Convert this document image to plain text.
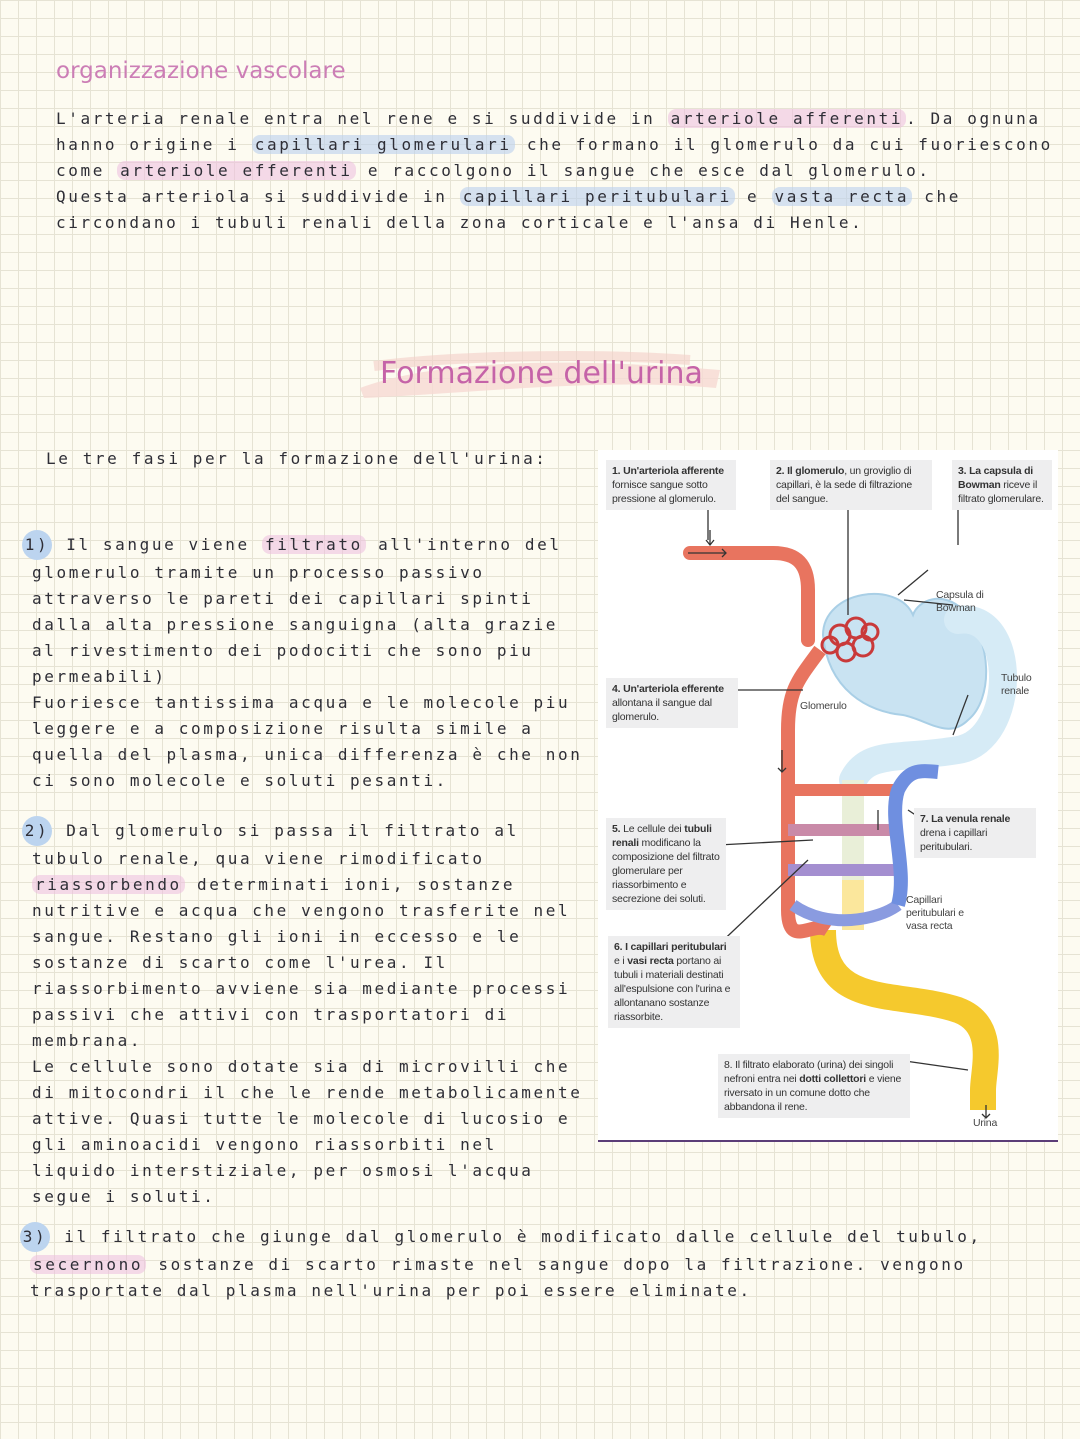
organizzazione vascolare
L'arteria renale entra nel rene e si suddivide in arteriole afferenti . Da ognuna hanno origine i capillari glomerulari che formano il glomerulo da cui fuoriescono come arteriole efferenti e raccolgono il sangue che esce dal glomerulo.
Questa arteriola si suddivide in capillari peritubulari e vasta recta che circondano i tubuli renali della zona corticale e l'ansa di Henle.
Formazione dell'urina
Le tre fasi per la formazione dell'urina:
1) Il sangue viene filtrato all'interno del glomerulo tramite un processo passivo attraverso le pareti dei capillari spinti dalla alta pressione sanguigna (alta grazie al rivestimento dei podociti che sono piu permeabili)
Fuoriesce tantissima acqua e le molecole piu leggere e a composizione risulta simile a quella del plasma, unica differenza è che non ci sono molecole e soluti pesanti.
2) Dal glomerulo si passa il filtrato al tubulo renale, qua viene rimodificato riassorbendo determinati ioni, sostanze nutritive e acqua che vengono trasferite nel sangue. Restano gli ioni in eccesso e le sostanze di scarto come l'urea. Il riassorbimento avviene sia mediante processi passivi che attivi con trasportatori di membrana.
Le cellule sono dotate sia di microvilli che di mitocondri il che le rende metabolicamente attive. Quasi tutte le molecole di lucosio e gli aminoacidi vengono riassorbiti nel liquido interstiziale, per osmosi l'acqua segue i soluti.
3) il filtrato che giunge dal glomerulo è modificato dalle cellule del tubulo, secernono sostanze di scarto rimaste nel sangue dopo la filtrazione. vengono trasportate dal plasma nell'urina per poi essere eliminate.
1. Un'arteriola afferente fornisce sangue sotto pressione al glomerulo.
2. Il glomerulo, un groviglio di capillari, è la sede di filtrazione del sangue.
3. La capsula di Bowman riceve il filtrato glomerulare.
4. Un'arteriola efferente allontana il sangue dal glomerulo.
5. Le cellule dei tubuli renali modificano la composizione del filtrato glomerulare per riassorbimento e secrezione dei soluti.
6. I capillari peritubulari e i vasi recta portano ai tubuli i materiali destinati all'espulsione con l'urina e allontanano sostanze riassorbite.
7. La venula renale drena i capillari peritubulari.
8. Il filtrato elaborato (urina) dei singoli nefroni entra nei dotti collettori e viene riversato in un comune dotto che abbandona il rene.
Capsula di Bowman
Tubulo renale
Glomerulo
Capillari peritubulari e vasa recta
Urina
